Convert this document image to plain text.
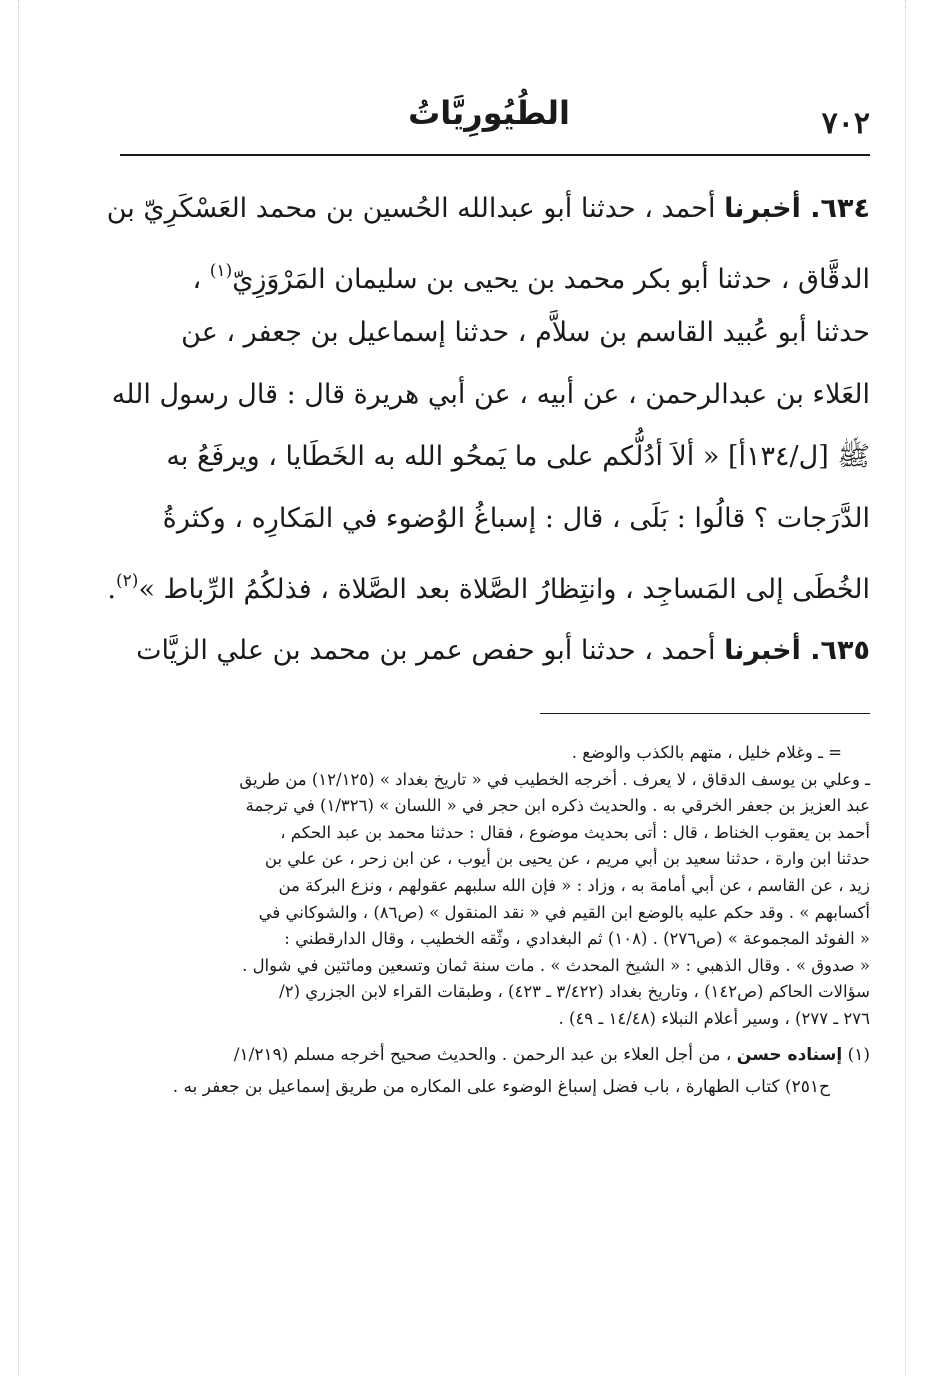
٧٠٢
الطُيُورِيَّاتُ
٦٣٤. أخبرنا أحمد ، حدثنا أبو عبدالله الحُسين بن محمد العَسْكَرِيّ بن
الدقَّاق ، حدثنا أبو بكر محمد بن يحيى بن سليمان المَرْوَزِيّ$^{(١)}$ ،
حدثنا أبو عُبيد القاسم بن سلاَّم ، حدثنا إسماعيل بن جعفر ، عن
العَلاء بن عبدالرحمن ، عن أبيه ، عن أبي هريرة قال : قال رسول الله
ﷺ [ل/١٣٤أ] « ألاَ أدُلُّكم على ما يَمحُو الله به الخَطَايا ، ويرفَعُ به
الدَّرَجات ؟ قالُوا : بَلَى ، قال : إسباغُ الوُضوء في المَكارِه ، وكثرةُ
الخُطَى إلى المَساجِد ، وانتِظارُ الصَّلاة بعد الصَّلاة ، فذلكُمُ الرِّباط »$^{(٢)}$.
٦٣٥. أخبرنا أحمد ، حدثنا أبو حفص عمر بن محمد بن علي الزيَّات
= ـ وغلام خليل ، متهم بالكذب والوضع .
ـ وعلي بن يوسف الدقاق ، لا يعرف . أخرجه الخطيب في « تاريخ بغداد » (١٢/١٢٥) من طريق
عبد العزيز بن جعفر الخرقي به . والحديث ذكره ابن حجر في « اللسان » (١/٣٢٦) في ترجمة
أحمد بن يعقوب الخناط ، قال : أتى بحديث موضوع ، فقال : حدثنا محمد بن عبد الحكم ،
حدثنا ابن وارة ، حدثنا سعيد بن أبي مريم ، عن يحيى بن أيوب ، عن ابن زحر ، عن علي بن
زيد ، عن القاسم ، عن أبي أمامة به ، وزاد : « فإن الله سلبهم عقولهم ، ونزع البركة من
أكسابهم » . وقد حكم عليه بالوضع ابن القيم في « نقد المنقول » (ص٨٦) ، والشوكاني في
« الفوئد المجموعة » (ص٢٧٦) . (١٠٨) ثم البغدادي ، وثّقه الخطيب ، وقال الدارقطني :
« صدوق » . وقال الذهبي : « الشيخ المحدث » . مات سنة ثمان وتسعين ومائتين في شوال .
سؤالات الحاكم (ص١٤٢) ، وتاريخ بغداد (٣/٤٢٢ ـ ٤٢٣) ، وطبقات القراء لابن الجزري (٢/
٢٧٦ ـ ٢٧٧) ، وسير أعلام النبلاء (١٤/٤٨ ـ ٤٩) .
(١) إسناده حسن ، من أجل العلاء بن عبد الرحمن . والحديث صحيح أخرجه مسلم (١/٢١٩/
ح٢٥١) كتاب الطهارة ، باب فضل إسباغ الوضوء على المكاره من طريق إسماعيل بن جعفر به .
